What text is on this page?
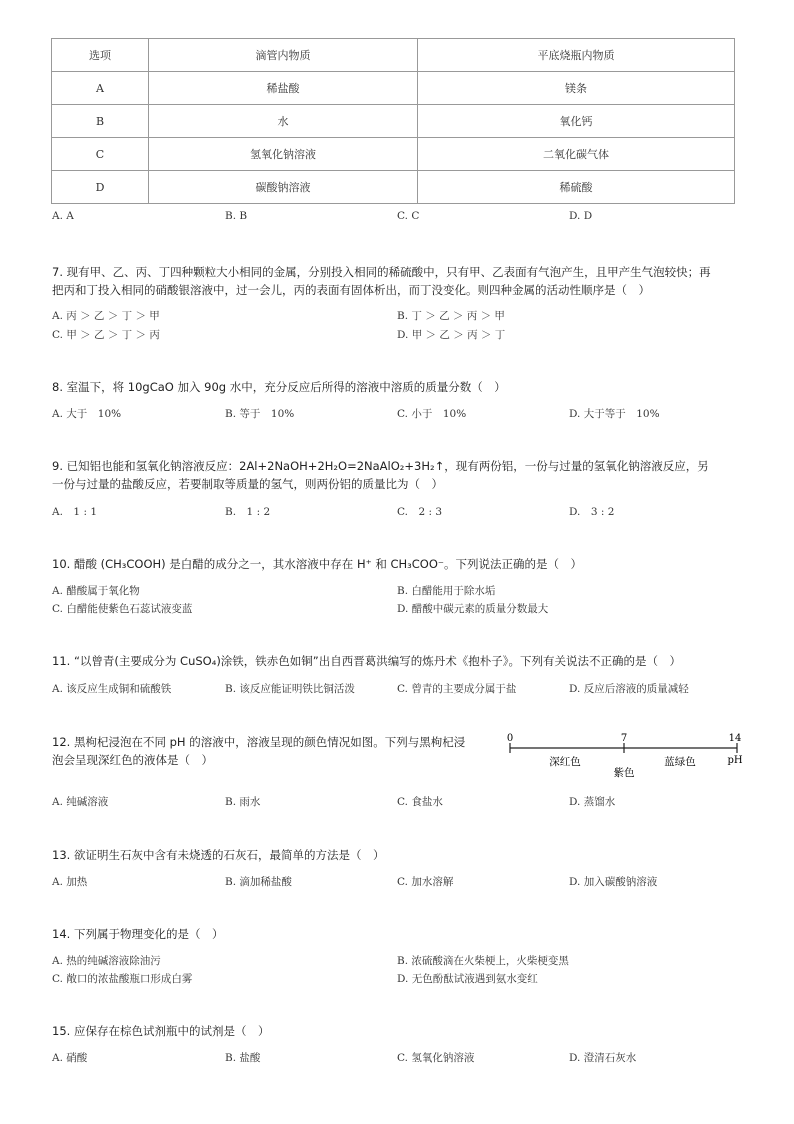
选项	滴管内物质	平底烧瓶内物质
A	稀盐酸	镁条
B	水	氧化钙
C	氢氧化钠溶液	二氧化碳气体
D	碳酸钠溶液	稀硫酸
A. A	B. B	C. C	D. D
7. 现有甲、乙、丙、丁四种颗粒大小相同的金属，分别投入相同的稀硫酸中，只有甲、乙表面有气泡产生，且甲产生气泡较快；再
把丙和丁投入相同的硝酸银溶液中，过一会儿，丙的表面有固体析出，而丁没变化。则四种金属的活动性顺序是（　）
A. 丙 ＞ 乙 ＞ 丁 ＞ 甲	B. 丁 ＞ 乙 ＞ 丙 ＞ 甲
C. 甲 ＞ 乙 ＞ 丁 ＞ 丙	D. 甲 ＞ 乙 ＞ 丙 ＞ 丁
8. 室温下，将 10gCaO 加入 90g 水中，充分反应后所得的溶液中溶质的质量分数（　）
A. 大于　10%	B. 等于　10%	C. 小于　10%	D. 大于等于　10%
9. 已知铝也能和氢氧化钠溶液反应：2Al+2NaOH+2H₂O=2NaAlO₂+3H₂↑，现有两份铝，一份与过量的氢氧化钠溶液反应，另
一份与过量的盐酸反应，若要制取等质量的氢气，则两份铝的质量比为（　）
A.　1 : 1	B.　1 : 2	C.　2 : 3	D.　3 : 2
10. 醋酸 (CH₃COOH) 是白醋的成分之一，其水溶液中存在 H⁺ 和 CH₃COO⁻。下列说法正确的是（　）
A. 醋酸属于氧化物	B. 白醋能用于除水垢
C. 白醋能使紫色石蕊试液变蓝	D. 醋酸中碳元素的质量分数最大
11. “以曾青(主要成分为 CuSO₄)涂铁，铁赤色如铜”出自西晋葛洪编写的炼丹术《抱朴子》。下列有关说法不正确的是（　）
A. 该反应生成铜和硫酸铁	B. 该反应能证明铁比铜活泼	C. 曾青的主要成分属于盐	D. 反应后溶液的质量减轻
12. 黑枸杞浸泡在不同 pH 的溶液中，溶液呈现的颜色情况如图。下列与黑枸杞浸
泡会呈现深红色的液体是（　）
0	7	14
pH
深红色
紫色
蓝绿色
A. 纯碱溶液	B. 雨水	C. 食盐水	D. 蒸馏水
13. 欲证明生石灰中含有未烧透的石灰石，最简单的方法是（　）
A. 加热	B. 滴加稀盐酸	C. 加水溶解	D. 加入碳酸钠溶液
14. 下列属于物理变化的是（　）
A. 热的纯碱溶液除油污	B. 浓硫酸滴在火柴梗上，火柴梗变黑
C. 敞口的浓盐酸瓶口形成白雾	D. 无色酚酞试液遇到氨水变红
15. 应保存在棕色试剂瓶中的试剂是（　）
A. 硝酸	B. 盐酸	C. 氢氧化钠溶液	D. 澄清石灰水
